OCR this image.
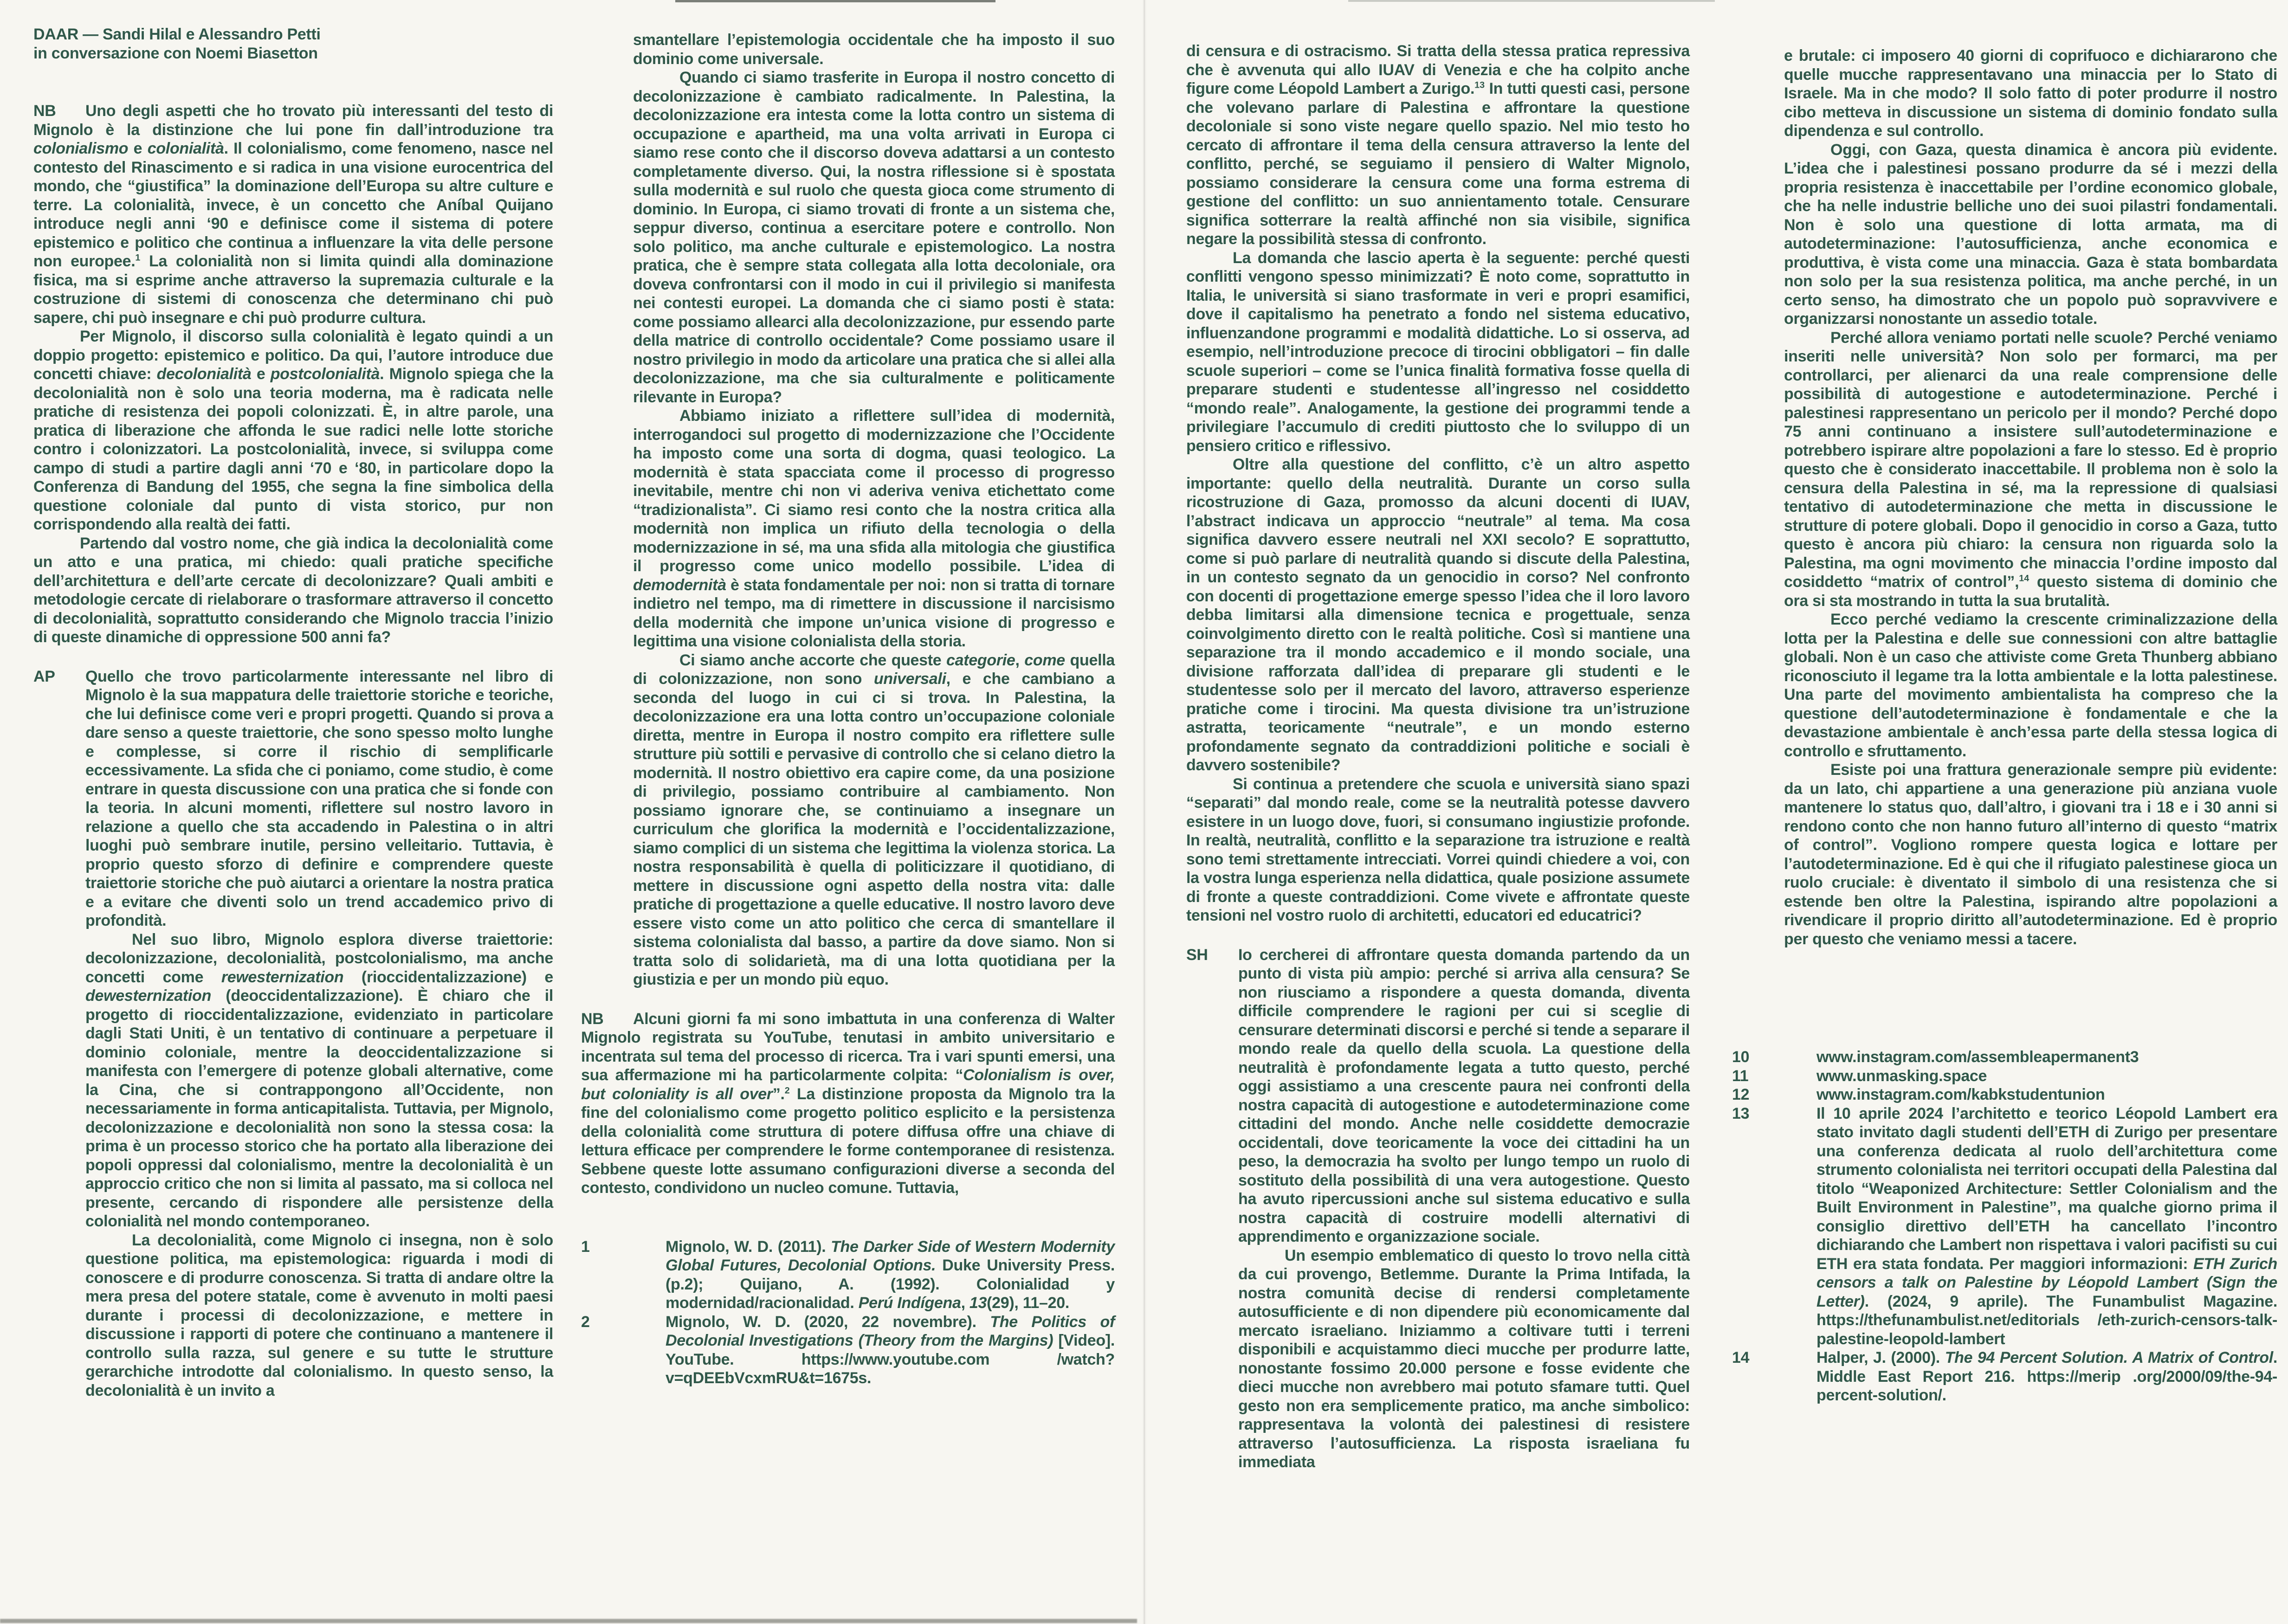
DAAR — Sandi Hilal e Alessandro Petti
in conversazione con Noemi Biasetton
NB	Uno degli aspetti che ho trovato più interessanti del testo di Mignolo è la distinzione che lui pone fin dall’introduzione tra colonialismo e colonialità. Il colonialismo, come fenomeno, nasce nel contesto del Rinascimento e si radica in una visione eurocentrica del mondo, che “giustifica” la dominazione dell’Europa su altre culture e terre. La colonialità, invece, è un concetto che Aníbal Quijano introduce negli anni ‘90 e definisce come il sistema di potere epistemico e politico che continua a influenzare la vita delle persone non europee.$^1$ La colonialità non si limita quindi alla dominazione fisica, ma si esprime anche attraverso la supremazia culturale e la costruzione di sistemi di conoscenza che determinano chi può sapere, chi può insegnare e chi può produrre cultura.

Per Mignolo, il discorso sulla colonialità è legato quindi a un doppio progetto: epistemico e politico. Da qui, l’autore introduce due concetti chiave: decolonialità e postcolonialità. Mignolo spiega che la decolonialità non è solo una teoria moderna, ma è radicata nelle pratiche di resistenza dei popoli colonizzati. È, in altre parole, una pratica di liberazione che affonda le sue radici nelle lotte storiche contro i colonizzatori. La postcolonialità, invece, si sviluppa come campo di studi a partire dagli anni ‘70 e ‘80, in particolare dopo la Conferenza di Bandung del 1955, che segna la fine simbolica della questione coloniale dal punto di vista storico, pur non corrispondendo alla realtà dei fatti.

Partendo dal vostro nome, che già indica la decolonialità come un atto e una pratica, mi chiedo: quali pratiche specifiche dell’architettura e dell’arte cercate di decolonizzare? Quali ambiti e metodologie cercate di rielaborare o trasformare attraverso il concetto di decolonialità, soprattutto considerando che Mignolo traccia l’inizio di queste dinamiche di oppressione 500 anni fa?

AP Quello che trovo particolarmente interessante nel libro di Mignolo è la sua mappatura delle traiettorie storiche e teoriche, che lui definisce come veri e propri progetti. Quando si prova a dare senso a queste traiettorie, che sono spesso molto lunghe e complesse, si corre il rischio di semplificarle eccessivamente. La sfida che ci poniamo, come studio, è come entrare in questa discussione con una pratica che si fonde con la teoria. In alcuni momenti, riflettere sul nostro lavoro in relazione a quello che sta accadendo in Palestina o in altri luoghi può sembrare inutile, persino velleitario. Tuttavia, è proprio questo sforzo di definire e comprendere queste traiettorie storiche che può aiutarci a orientare la nostra pratica e a evitare che diventi solo un trend accademico privo di profondità.

Nel suo libro, Mignolo esplora diverse traiettorie: decolonizzazione, decolonialità, postcolonialismo, ma anche concetti come rewesternization (rioccidentalizzazione) e dewesternization (deoccidentalizzazione). È chiaro che il progetto di rioccidentalizzazione, evidenziato in particolare dagli Stati Uniti, è un tentativo di continuare a perpetuare il dominio coloniale, mentre la deoccidentalizzazione si manifesta con l’emergere di potenze globali alternative, come la Cina, che si contrappongono all’Occidente, non necessariamente in forma anticapitalista. Tuttavia, per Mignolo, decolonizzazione e decolonialità non sono la stessa cosa: la prima è un processo storico che ha portato alla liberazione dei popoli oppressi dal colonialismo, mentre la decolonialità è un approccio critico che non si limita al passato, ma si colloca nel presente, cercando di rispondere alle persistenze della colonialità nel mondo contemporaneo.

La decolonialità, come Mignolo ci insegna, non è solo questione politica, ma epistemologica: riguarda i modi di conoscere e di produrre conoscenza. Si tratta di andare oltre la mera presa del potere statale, come è avvenuto in molti paesi durante i processi di decolonizzazione, e mettere in discussione i rapporti di potere che continuano a mantenere il controllo sulla razza, sul genere e su tutte le strutture gerarchiche introdotte dal colonialismo. In questo senso, la decolonialità è un invito a

smantellare l’epistemologia occidentale che ha imposto il suo dominio come universale.

Quando ci siamo trasferite in Europa il nostro concetto di decolonizzazione è cambiato radicalmente. In Palestina, la decolonizzazione era intesta come la lotta contro un sistema di occupazione e apartheid, ma una volta arrivati in Europa ci siamo rese conto che il discorso doveva adattarsi a un contesto completamente diverso. Qui, la nostra riflessione si è spostata sulla modernità e sul ruolo che questa gioca come strumento di dominio. In Europa, ci siamo trovati di fronte a un sistema che, seppur diverso, continua a esercitare potere e controllo. Non solo politico, ma anche culturale e epistemologico. La nostra pratica, che è sempre stata collegata alla lotta decoloniale, ora doveva confrontarsi con il modo in cui il privilegio si manifesta nei contesti europei. La domanda che ci siamo posti è stata: come possiamo allearci alla decolonizzazione, pur essendo parte della matrice di controllo occidentale? Come possiamo usare il nostro privilegio in modo da articolare una pratica che si allei alla decolonizzazione, ma che sia culturalmente e politicamente rilevante in Europa?

Abbiamo iniziato a riflettere sull’idea di modernità, interrogandoci sul progetto di modernizzazione che l’Occidente ha imposto come una sorta di dogma, quasi teologico. La modernità è stata spacciata come il processo di progresso inevitabile, mentre chi non vi aderiva veniva etichettato come “tradizionalista”. Ci siamo resi conto che la nostra critica alla modernità non implica un rifiuto della tecnologia o della modernizzazione in sé, ma una sfida alla mitologia che giustifica il progresso come unico modello possibile. L’idea di demodernità è stata fondamentale per noi: non si tratta di tornare indietro nel tempo, ma di rimettere in discussione il narcisismo della modernità che impone un’unica visione di progresso e legittima una visione colonialista della storia.

Ci siamo anche accorte che queste categorie, come quella di colonizzazione, non sono universali, e che cambiano a seconda del luogo in cui ci si trova. In Palestina, la decolonizzazione era una lotta contro un’occupazione coloniale diretta, mentre in Europa il nostro compito era riflettere sulle strutture più sottili e pervasive di controllo che si celano dietro la modernità. Il nostro obiettivo era capire come, da una posizione di privilegio, possiamo contribuire al cambiamento. Non possiamo ignorare che, se continuiamo a insegnare un curriculum che glorifica la modernità e l’occidentalizzazione, siamo complici di un sistema che legittima la violenza storica. La nostra responsabilità è quella di politicizzare il quotidiano, di mettere in discussione ogni aspetto della nostra vita: dalle pratiche di progettazione a quelle educative. Il nostro lavoro deve essere visto come un atto politico che cerca di smantellare il sistema colonialista dal basso, a partire da dove siamo. Non si tratta solo di solidarietà, ma di una lotta quotidiana per la giustizia e per un mondo più equo.

NB	Alcuni giorni fa mi sono imbattuta in una conferenza di Walter Mignolo registrata su YouTube, tenutasi in ambito universitario e incentrata sul tema del processo di ricerca. Tra i vari spunti emersi, una sua affermazione mi ha particolarmente colpita: “Colonialism is over, but coloniality is all over”.$^2$ La distinzione proposta da Mignolo tra la fine del colonialismo come progetto politico esplicito e la persistenza della colonialità come struttura di potere diffusa offre una chiave di lettura efficace per comprendere le forme contemporanee di resistenza. Sebbene queste lotte assumano configurazioni diverse a seconda del contesto, condividono un nucleo comune. Tuttavia,

1	Mignolo, W. D. (2011). The Darker Side of Western Modernity Global Futures, Decolonial Options. Duke University Press. (p.2); Quijano, A. (1992). Colonialidad y modernidad/racionalidad. Perú Indígena, 13(29), 11–20.
2	Mignolo, W. D. (2020, 22 novembre). The Politics of Decolonial Investigations (Theory from the Margins) [Video]. YouTube. https://www.youtube.com /watch?v=qDEEbVcxmRU&t=1675s.

di censura e di ostracismo. Si tratta della stessa pratica repressiva che è avvenuta qui allo IUAV di Venezia e che ha colpito anche figure come Léopold Lambert a Zurigo.$^{13}$ In tutti questi casi, persone che volevano parlare di Palestina e affrontare la questione decoloniale si sono viste negare quello spazio. Nel mio testo ho cercato di affrontare il tema della censura attraverso la lente del conflitto, perché, se seguiamo il pensiero di Walter Mignolo, possiamo considerare la censura come una forma estrema di gestione del conflitto: un suo annientamento totale. Censurare significa sotterrare la realtà affinché non sia visibile, significa negare la possibilità stessa di confronto.

La domanda che lascio aperta è la seguente: perché questi conflitti vengono spesso minimizzati? È noto come, soprattutto in Italia, le università si siano trasformate in veri e propri esamifici, dove il capitalismo ha penetrato a fondo nel sistema educativo, influenzandone programmi e modalità didattiche. Lo si osserva, ad esempio, nell’introduzione precoce di tirocini obbligatori – fin dalle scuole superiori – come se l’unica finalità formativa fosse quella di preparare studenti e studentesse all’ingresso nel cosiddetto “mondo reale”. Analogamente, la gestione dei programmi tende a privilegiare l’accumulo di crediti piuttosto che lo sviluppo di un pensiero critico e riflessivo.

Oltre alla questione del conflitto, c’è un altro aspetto importante: quello della neutralità. Durante un corso sulla ricostruzione di Gaza, promosso da alcuni docenti di IUAV, l’abstract indicava un approccio “neutrale” al tema. Ma cosa significa davvero essere neutrali nel XXI secolo? E soprattutto, come si può parlare di neutralità quando si discute della Palestina, in un contesto segnato da un genocidio in corso? Nel confronto con docenti di progettazione emerge spesso l’idea che il loro lavoro debba limitarsi alla dimensione tecnica e progettuale, senza coinvolgimento diretto con le realtà politiche. Così si mantiene una separazione tra il mondo accademico e il mondo sociale, una divisione rafforzata dall’idea di preparare gli studenti e le studentesse solo per il mercato del lavoro, attraverso esperienze pratiche come i tirocini. Ma questa divisione tra un’istruzione astratta, teoricamente “neutrale”, e un mondo esterno profondamente segnato da contraddizioni politiche e sociali è davvero sostenibile?

Si continua a pretendere che scuola e università siano spazi “separati” dal mondo reale, come se la neutralità potesse davvero esistere in un luogo dove, fuori, si consumano ingiustizie profonde. In realtà, neutralità, conflitto e la separazione tra istruzione e realtà sono temi strettamente intrecciati. Vorrei quindi chiedere a voi, con la vostra lunga esperienza nella didattica, quale posizione assumete di fronte a queste contraddizioni. Come vivete e affrontate queste tensioni nel vostro ruolo di architetti, educatori ed educatrici?

SH Io cercherei di affrontare questa domanda partendo da un punto di vista più ampio: perché si arriva alla censura? Se non riusciamo a rispondere a questa domanda, diventa difficile comprendere le ragioni per cui si sceglie di censurare determinati discorsi e perché si tende a separare il mondo reale da quello della scuola. La questione della neutralità è profondamente legata a tutto questo, perché oggi assistiamo a una crescente paura nei confronti della nostra capacità di autogestione e autodeterminazione come cittadini del mondo. Anche nelle cosiddette democrazie occidentali, dove teoricamente la voce dei cittadini ha un peso, la democrazia ha svolto per lungo tempo un ruolo di sostituto della possibilità di una vera autogestione. Questo ha avuto ripercussioni anche sul sistema educativo e sulla nostra capacità di costruire modelli alternativi di apprendimento e organizzazione sociale.

Un esempio emblematico di questo lo trovo nella città da cui provengo, Betlemme. Durante la Prima Intifada, la nostra comunità decise di rendersi completamente autosufficiente e di non dipendere più economicamente dal mercato israeliano. Iniziammo a coltivare tutti i terreni disponibili e acquistammo dieci mucche per produrre latte, nonostante fossimo 20.000 persone e fosse evidente che dieci mucche non avrebbero mai potuto sfamare tutti. Quel gesto non era semplicemente pratico, ma anche simbolico: rappresentava la volontà dei palestinesi di resistere attraverso l’autosufficienza. La risposta israeliana fu immediata

e brutale: ci imposero 40 giorni di coprifuoco e dichiararono che quelle mucche rappresentavano una minaccia per lo Stato di Israele. Ma in che modo? Il solo fatto di poter produrre il nostro cibo metteva in discussione un sistema di dominio fondato sulla dipendenza e sul controllo.

Oggi, con Gaza, questa dinamica è ancora più evidente. L’idea che i palestinesi possano produrre da sé i mezzi della propria resistenza è inaccettabile per l’ordine economico globale, che ha nelle industrie belliche uno dei suoi pilastri fondamentali. Non è solo una questione di lotta armata, ma di autodeterminazione: l’autosufficienza, anche economica e produttiva, è vista come una minaccia. Gaza è stata bombardata non solo per la sua resistenza politica, ma anche perché, in un certo senso, ha dimostrato che un popolo può sopravvivere e organizzarsi nonostante un assedio totale.

Perché allora veniamo portati nelle scuole? Perché veniamo inseriti nelle università? Non solo per formarci, ma per controllarci, per alienarci da una reale comprensione delle possibilità di autogestione e autodeterminazione. Perché i palestinesi rappresentano un pericolo per il mondo? Perché dopo 75 anni continuano a insistere sull’autodeterminazione e potrebbero ispirare altre popolazioni a fare lo stesso. Ed è proprio questo che è considerato inaccettabile. Il problema non è solo la censura della Palestina in sé, ma la repressione di qualsiasi tentativo di autodeterminazione che metta in discussione le strutture di potere globali. Dopo il genocidio in corso a Gaza, tutto questo è ancora più chiaro: la censura non riguarda solo la Palestina, ma ogni movimento che minaccia l’ordine imposto dal cosiddetto “matrix of control”,$^{14}$ questo sistema di dominio che ora si sta mostrando in tutta la sua brutalità.

Ecco perché vediamo la crescente criminalizzazione della lotta per la Palestina e delle sue connessioni con altre battaglie globali. Non è un caso che attiviste come Greta Thunberg abbiano riconosciuto il legame tra la lotta ambientale e la lotta palestinese. Una parte del movimento ambientalista ha compreso che la questione dell’autodeterminazione è fondamentale e che la devastazione ambientale è anch’essa parte della stessa logica di controllo e sfruttamento.

Esiste poi una frattura generazionale sempre più evidente: da un lato, chi appartiene a una generazione più anziana vuole mantenere lo status quo, dall’altro, i giovani tra i 18 e i 30 anni si rendono conto che non hanno futuro all’interno di questo “matrix of control”. Vogliono rompere questa logica e lottare per l’autodeterminazione. Ed è qui che il rifugiato palestinese gioca un ruolo cruciale: è diventato il simbolo di una resistenza che si estende ben oltre la Palestina, ispirando altre popolazioni a rivendicare il proprio diritto all’autodeterminazione. Ed è proprio per questo che veniamo messi a tacere.

10	www.instagram.com/assembleapermanent3
11	www.unmasking.space
12	www.instagram.com/kabkstudentunion
13	Il 10 aprile 2024 l’architetto e teorico Léopold Lambert era stato invitato dagli studenti dell’ETH di Zurigo per presentare una conferenza dedicata al ruolo dell’architettura come strumento colonialista nei territori occupati della Palestina dal titolo “Weaponized Architecture: Settler Colonialism and the Built Environment in Palestine”, ma qualche giorno prima il consiglio direttivo dell’ETH ha cancellato l’incontro dichiarando che Lambert non rispettava i valori pacifisti su cui ETH era stata fondata. Per maggiori informazioni: ETH Zurich censors a talk on Palestine by Léopold Lambert (Sign the Letter). (2024, 9 aprile). The Funambulist Magazine. https://thefunambulist.net/editorials /eth-zurich-censors-talk-palestine-leopold-lambert
14	Halper, J. (2000). The 94 Percent Solution. A Matrix of Control. Middle East Report 216. https://merip .org/2000/09/the-94-percent-solution/.
